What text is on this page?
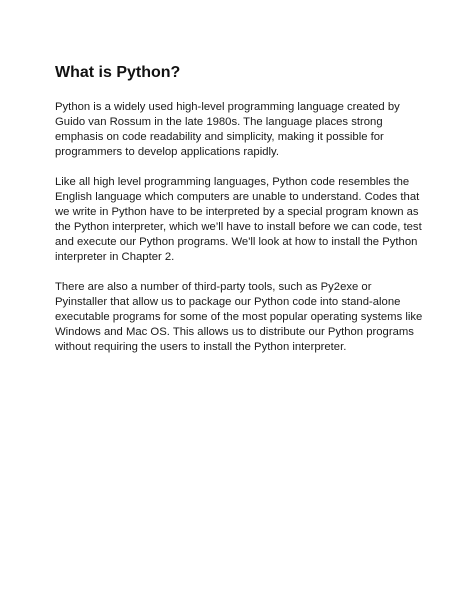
What is Python?

Python is a widely used high-level programming language created by Guido van Rossum in the late 1980s. The language places strong emphasis on code readability and simplicity, making it possible for programmers to develop applications rapidly.

Like all high level programming languages, Python code resembles the English language which computers are unable to understand. Codes that we write in Python have to be interpreted by a special program known as the Python interpreter, which we’ll have to install before we can code, test and execute our Python programs. We'll look at how to install the Python interpreter in Chapter 2.

There are also a number of third-party tools, such as Py2exe or Pyinstaller that allow us to package our Python code into stand-alone executable programs for some of the most popular operating systems like Windows and Mac OS. This allows us to distribute our Python programs without requiring the users to install the Python interpreter.
